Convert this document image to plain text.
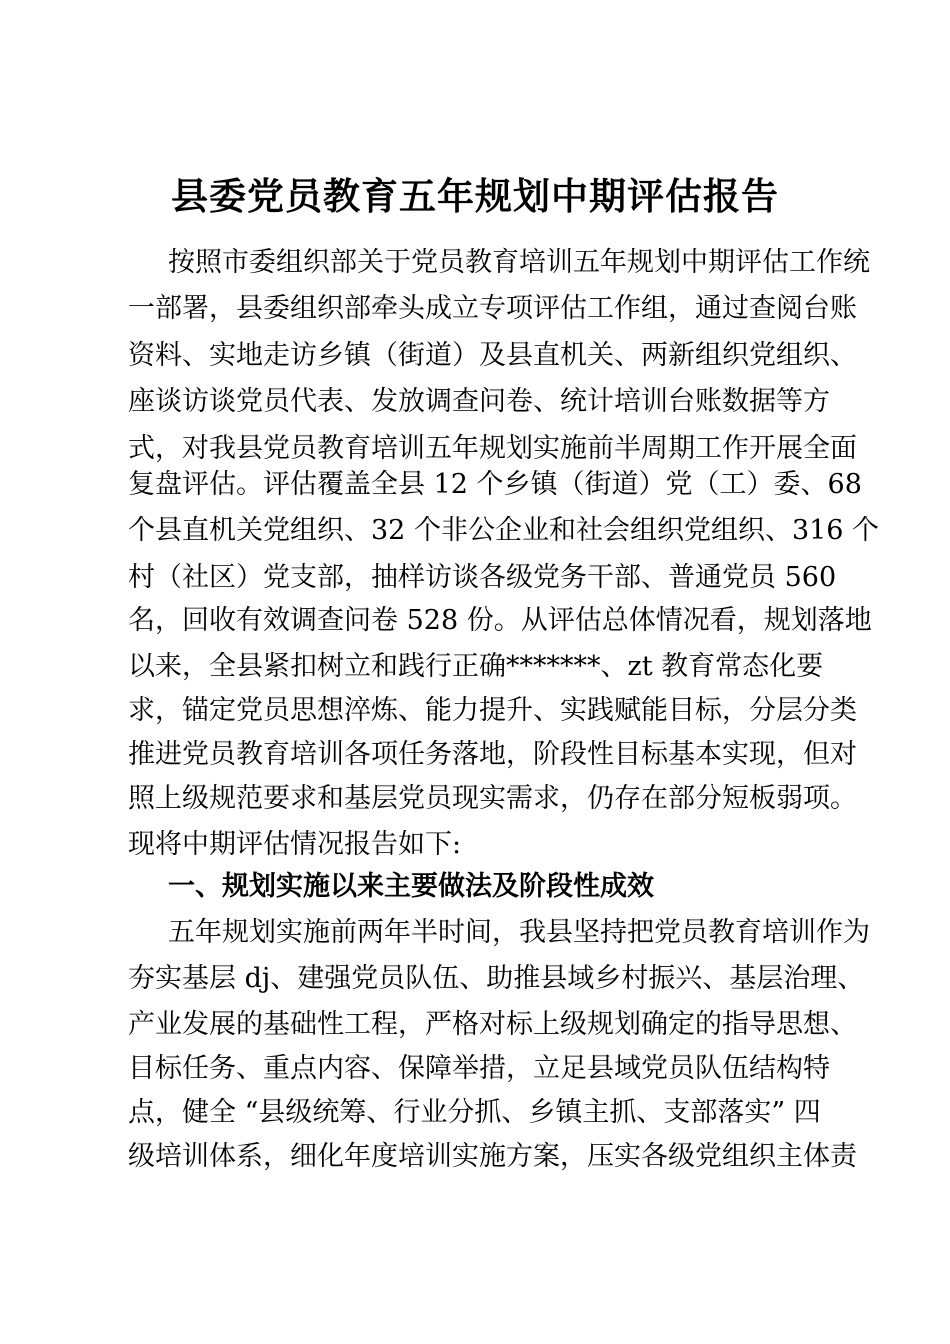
县委党员教育五年规划中期评估报告

按照市委组织部关于党员教育培训五年规划中期评估工作统

一部署，县委组织部牵头成立专项评估工作组，通过查阅台账

资料、实地走访乡镇（街道）及县直机关、两新组织党组织、

座谈访谈党员代表、发放调查问卷、统计培训台账数据等方

式，对我县党员教育培训五年规划实施前半周期工作开展全面

复盘评估。评估覆盖全县 12 个乡镇（街道）党（工）委、68

个县直机关党组织、32 个非公企业和社会组织党组织、316 个

村（社区）党支部，抽样访谈各级党务干部、普通党员 560

名，回收有效调查问卷 528 份。从评估总体情况看，规划落地

以来，全县紧扣树立和践行正确*******、zt 教育常态化要

求，锚定党员思想淬炼、能力提升、实践赋能目标，分层分类

推进党员教育培训各项任务落地，阶段性目标基本实现，但对

照上级规范要求和基层党员现实需求，仍存在部分短板弱项。

现将中期评估情况报告如下:

一、规划实施以来主要做法及阶段性成效

五年规划实施前两年半时间，我县坚持把党员教育培训作为

夯实基层 dj、建强党员队伍、助推县域乡村振兴、基层治理、

产业发展的基础性工程，严格对标上级规划确定的指导思想、

目标任务、重点内容、保障举措，立足县域党员队伍结构特

点，健全 “县级统筹、行业分抓、乡镇主抓、支部落实” 四

级培训体系，细化年度培训实施方案，压实各级党组织主体责
